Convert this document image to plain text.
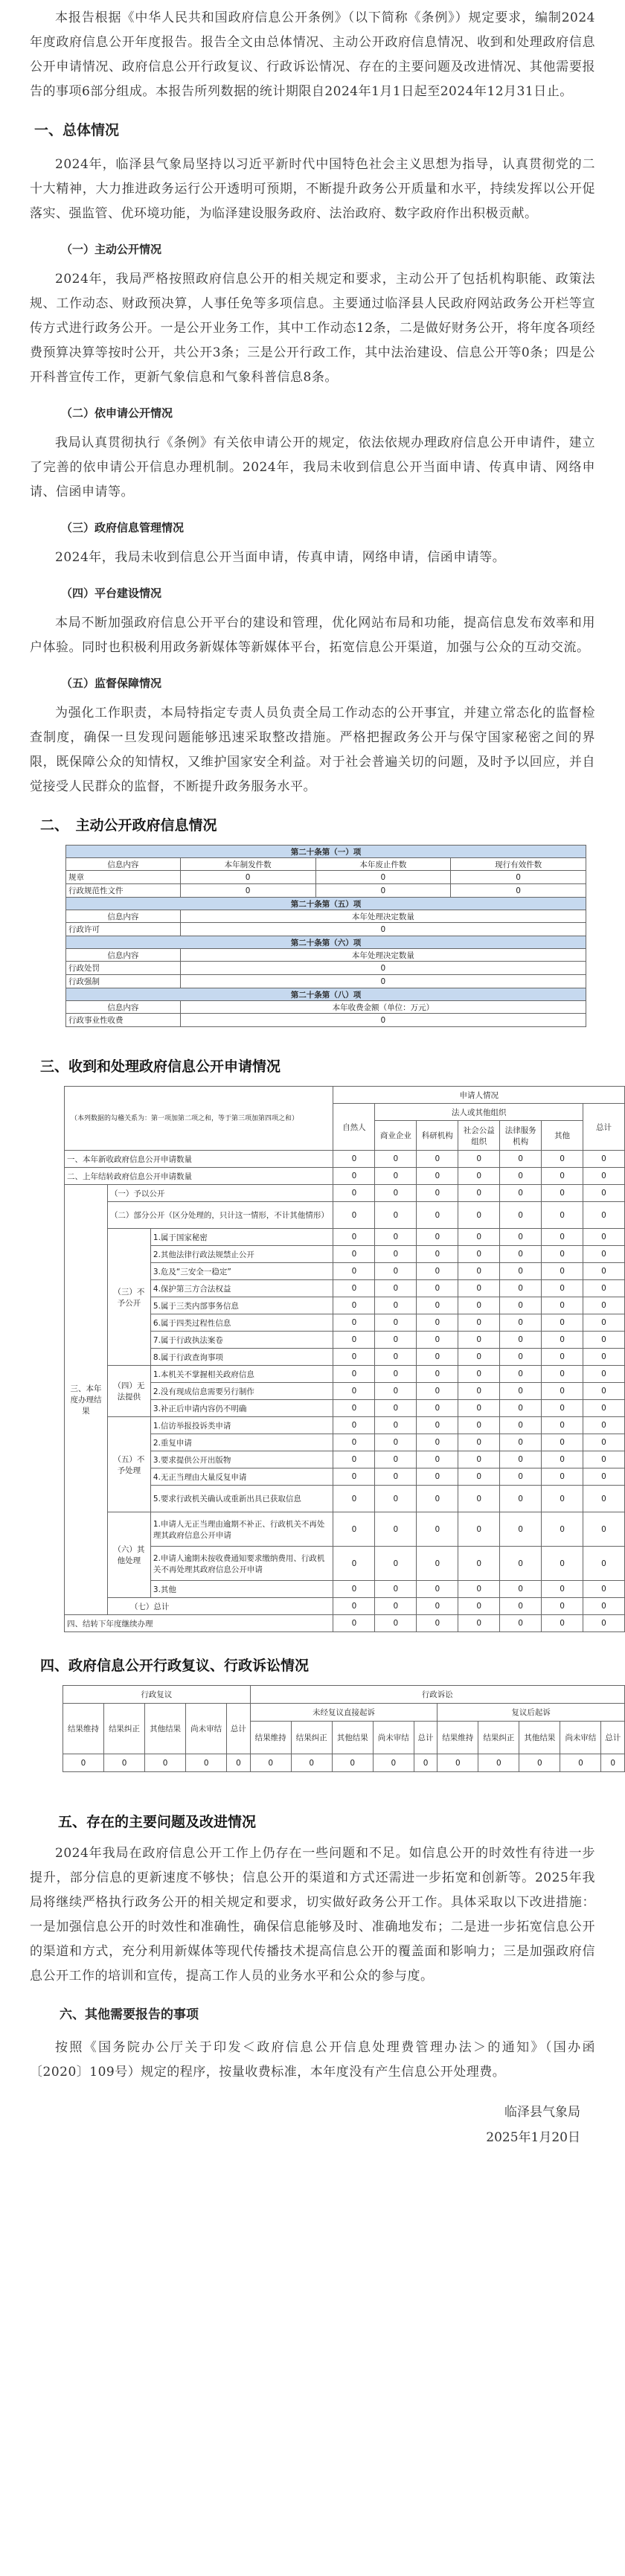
本报告根据《中华人民共和国政府信息公开条例》（以下简称《条例》）规定要求，编制2024年度政府信息公开年度报告。报告全文由总体情况、主动公开政府信息情况、收到和处理政府信息公开申请情况、政府信息公开行政复议、行政诉讼情况、存在的主要问题及改进情况、其他需要报告的事项6部分组成。本报告所列数据的统计期限自2024年1月1日起至2024年12月31日止。

一、总体情况

2024年，临泽县气象局坚持以习近平新时代中国特色社会主义思想为指导，认真贯彻党的二十大精神，大力推进政务运行公开透明可预期，不断提升政务公开质量和水平，持续发挥以公开促落实、强监管、优环境功能，为临泽建设服务政府、法治政府、数字政府作出积极贡献。

（一）主动公开情况

2024年，我局严格按照政府信息公开的相关规定和要求，主动公开了包括机构职能、政策法规、工作动态、财政预决算，人事任免等多项信息。主要通过临泽县人民政府网站政务公开栏等宣传方式进行政务公开。一是公开业务工作，其中工作动态12条，二是做好财务公开，将年度各项经费预算决算等按时公开，共公开3条；三是公开行政工作，其中法治建设、信息公开等0条；四是公开科普宣传工作，更新气象信息和气象科普信息8条。

（二）依申请公开情况

我局认真贯彻执行《条例》有关依申请公开的规定，依法依规办理政府信息公开申请件，建立了完善的依申请公开信息办理机制。2024年，我局未收到信息公开当面申请、传真申请、网络申请、信函申请等。

（三）政府信息管理情况

2024年，我局未收到信息公开当面申请，传真申请，网络申请，信函申请等。

（四）平台建设情况

本局不断加强政府信息公开平台的建设和管理，优化网站布局和功能，提高信息发布效率和用户体验。同时也积极利用政务新媒体等新媒体平台，拓宽信息公开渠道，加强与公众的互动交流。

（五）监督保障情况

为强化工作职责，本局特指定专责人员负责全局工作动态的公开事宜，并建立常态化的监督检查制度，确保一旦发现问题能够迅速采取整改措施。严格把握政务公开与保守国家秘密之间的界限，既保障公众的知情权，又维护国家安全利益。对于社会普遍关切的问题，及时予以回应，并自觉接受人民群众的监督，不断提升政务服务水平。

二、　主动公开政府信息情况
第二十条第（一）项			
信息内容	本年制发件数	本年废止件数	现行有效件数
规章	0	0	0
行政规范性文件	0	0	0
第二十条第（五）项			
信息内容	本年处理决定数量		
行政许可	0		
第二十条第（六）项			
信息内容	本年处理决定数量		
行政处罚	0		
行政强制	0		
第二十条第（八）项			
信息内容	本年收费金额（单位：万元）		
行政事业性收费	0		
三、收到和处理政府信息公开申请情况
（本列数据的勾稽关系为：第一项加第二项之和，等于第三项加第四项之和）			申请人情况						
			自然人	法人或其他组织					总计
				商业企业	科研机构	社会公益组织	法律服务机构	其他	
一、本年新收政府信息公开申请数量			0	0	0	0	0	0	0
二、上年结转政府信息公开申请数量			0	0	0	0	0	0	0
三、本年度办理结果	（一）予以公开		0	0	0	0	0	0	0
	（二）部分公开（区分处理的，只计这一情形，不计其他情形）		0	0	0	0	0	0	0
	（三）不予公开	1.属于国家秘密	0	0	0	0	0	0	0
		2.其他法律行政法规禁止公开	0	0	0	0	0	0	0
		3.危及“三安全一稳定”	0	0	0	0	0	0	0
		4.保护第三方合法权益	0	0	0	0	0	0	0
		5.属于三类内部事务信息	0	0	0	0	0	0	0
		6.属于四类过程性信息	0	0	0	0	0	0	0
		7.属于行政执法案卷	0	0	0	0	0	0	0
		8.属于行政查询事项	0	0	0	0	0	0	0
	（四）无法提供	1.本机关不掌握相关政府信息	0	0	0	0	0	0	0
		2.没有现成信息需要另行制作	0	0	0	0	0	0	0
		3.补正后申请内容仍不明确	0	0	0	0	0	0	0
	（五）不予处理	1.信访举报投诉类申请	0	0	0	0	0	0	0
		2.重复申请	0	0	0	0	0	0	0
		3.要求提供公开出版物	0	0	0	0	0	0	0
		4.无正当理由大量反复申请	0	0	0	0	0	0	0
		5.要求行政机关确认或重新出具已获取信息	0	0	0	0	0	0	0
	（六）其他处理	1.申请人无正当理由逾期不补正、行政机关不再处理其政府信息公开申请	0	0	0	0	0	0	0
		2.申请人逾期未按收费通知要求缴纳费用、行政机关不再处理其政府信息公开申请	0	0	0	0	0	0	0
		3.其他	0	0	0	0	0	0	0
	（七）总计		0	0	0	0	0	0	0
四、结转下年度继续办理			0	0	0	0	0	0	0
四、政府信息公开行政复议、行政诉讼情况
行政复议					行政诉讼									
结果维持	结果纠正	其他结果	尚未审结	总计	未经复议直接起诉					复议后起诉				
					结果维持	结果纠正	其他结果	尚未审结	总计	结果维持	结果纠正	其他结果	尚未审结	总计
0	0	0	0	0	0	0	0	0	0	0	0	0	0	0
五、存在的主要问题及改进情况

2024年我局在政府信息公开工作上仍存在一些问题和不足。如信息公开的时效性有待进一步提升，部分信息的更新速度不够快；信息公开的渠道和方式还需进一步拓宽和创新等。2025年我局将继续严格执行政务公开的相关规定和要求，切实做好政务公开工作。具体采取以下改进措施：一是加强信息公开的时效性和准确性，确保信息能够及时、准确地发布；二是进一步拓宽信息公开的渠道和方式，充分利用新媒体等现代传播技术提高信息公开的覆盖面和影响力；三是加强政府信息公开工作的培训和宣传，提高工作人员的业务水平和公众的参与度。

六、其他需要报告的事项

按照《国务院办公厅关于印发＜政府信息公开信息处理费管理办法＞的通知》（国办函〔2020〕109号）规定的程序，按量收费标准，本年度没有产生信息公开处理费。

临泽县气象局
2025年1月20日
